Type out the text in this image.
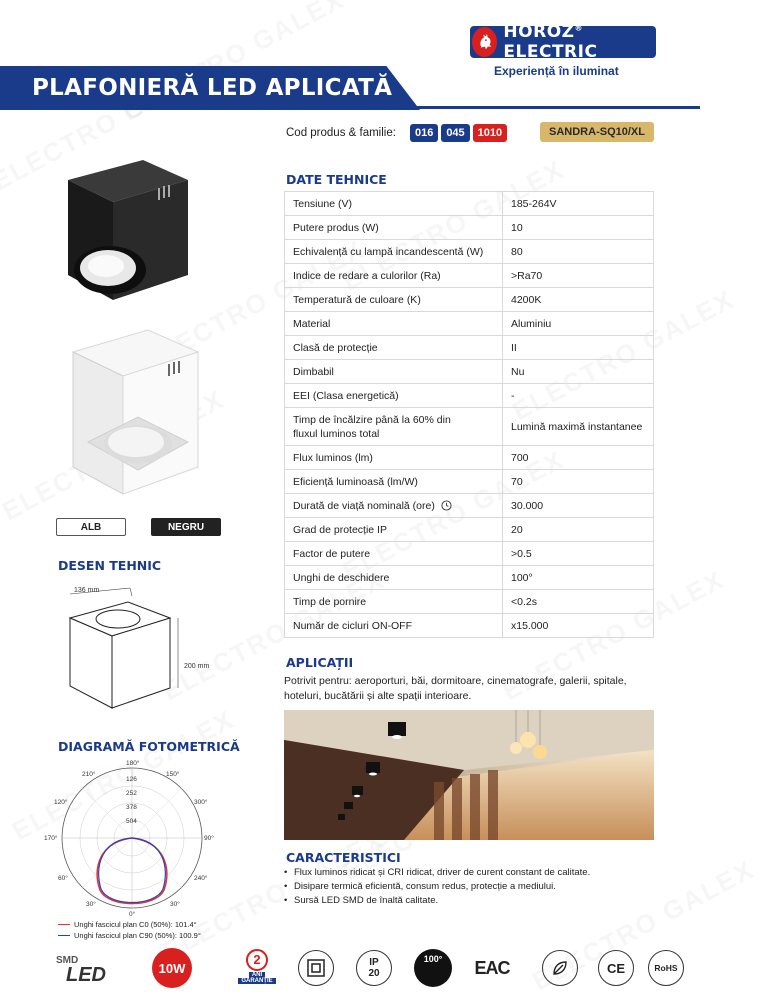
HOROZ® ELECTRIC
Experiență în iluminat
PLAFONIERĂ LED APLICATĂ
Cod produs & familie:	016	045	1010	SANDRA-SQ10/XL
ALB	NEGRU
DESEN TEHNIC
136 mm
200 mm
DIAGRAMĂ FOTOMETRICĂ
180°
210°	150°
120°	300°
170°	90°
60°	240°
30°	30°
0°
126
252
378
504
Unghi fascicul plan C0 (50%): 101.4°
Unghi fascicul plan C90 (50%): 100.9°
DATE TEHNICE
Tensiune (V)	185-264V
Putere produs (W)	10
Echivalență cu lampă incandescentă (W)	80
Indice de redare a culorilor (Ra)	>Ra70
Temperatură de culoare (K)	4200K
Material	Aluminiu
Clasă de protecție	II
Dimbabil	Nu
EEI (Clasa energetică)	-
Timp de încălzire până la 60% din fluxul luminos total	Lumină maximă instantanee
Flux luminos (lm)	700
Eficiență luminoasă (lm/W)	70
Durată de viață nominală (ore)	30.000
Grad de protecție IP	20
Factor de putere	>0.5
Unghi de deschidere	100°
Timp de pornire	<0.2s
Număr de cicluri ON-OFF	x15.000
APLICAȚII
Potrivit pentru: aeroporturi, băi, dormitoare, cinematografe, galerii, spitale, hoteluri, bucătării și alte spații interioare.
CARACTERISTICI
• Flux luminos ridicat și CRI ridicat, driver de curent constant de calitate.
• Disipare termică eficientă, consum redus, protecție a mediului.
• Sursă LED SMD de înaltă calitate.
SMD
LED	10W
2
ANI
GARANȚIE
IP
20
100° EAC	CE	RoHS
